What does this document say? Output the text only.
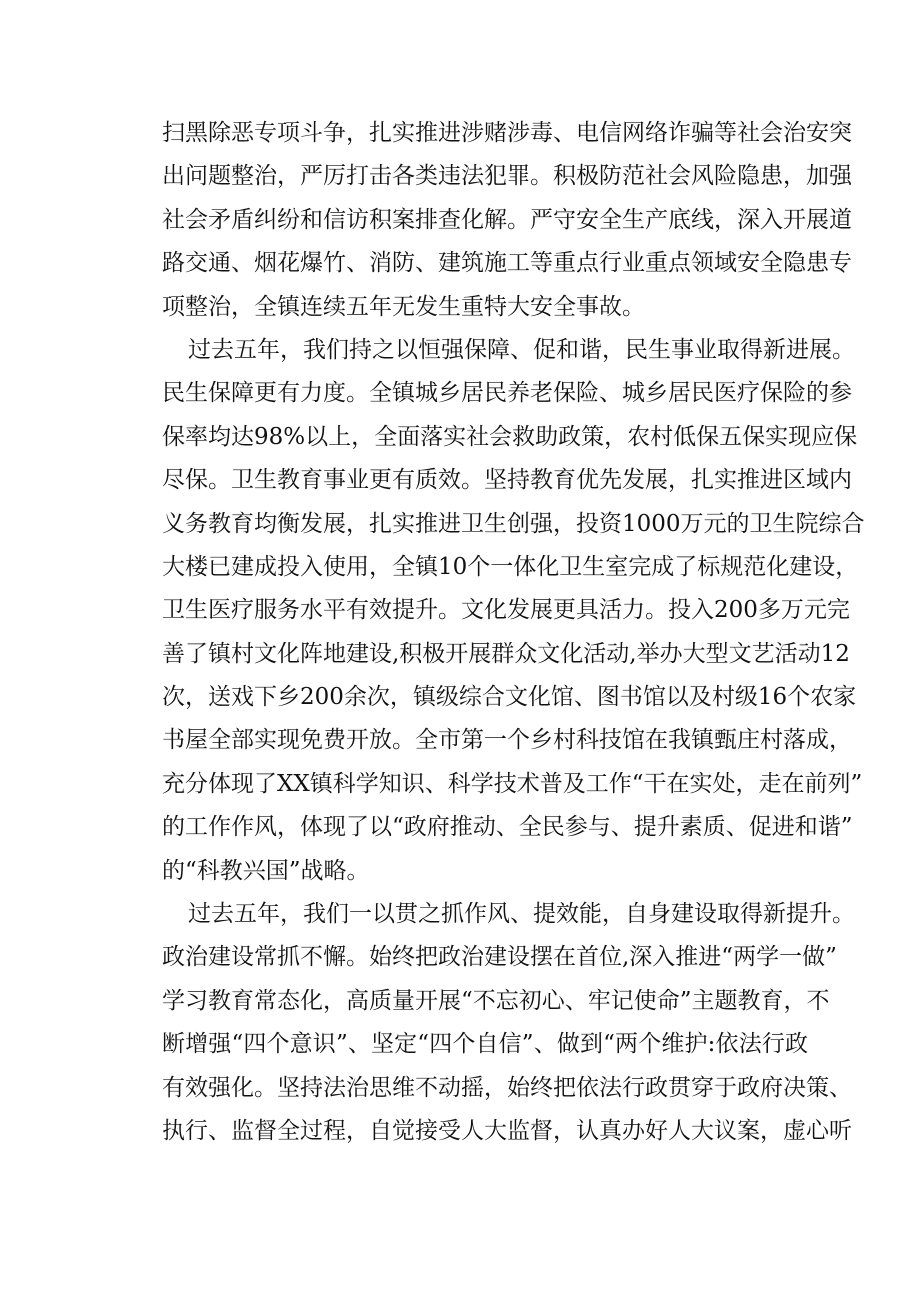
扫黑除恶专项斗争，扎实推进涉赌涉毒、电信网络诈骗等社会治安突
出问题整治，严厉打击各类违法犯罪。积极防范社会风险隐患，加强
社会矛盾纠纷和信访积案排查化解。严守安全生产底线，深入开展道
路交通、烟花爆竹、消防、建筑施工等重点行业重点领域安全隐患专
项整治，全镇连续五年无发生重特大安全事故。
过去五年，我们持之以恒强保障、促和谐，民生事业取得新进展。
民生保障更有力度。全镇城乡居民养老保险、城乡居民医疗保险的参
保率均达98%以上，全面落实社会救助政策，农村低保五保实现应保
尽保。卫生教育事业更有质效。坚持教育优先发展，扎实推进区域内
义务教育均衡发展，扎实推进卫生创强，投资1000万元的卫生院综合
大楼已建成投入使用，全镇10个一体化卫生室完成了标规范化建设，
卫生医疗服务水平有效提升。文化发展更具活力。投入200多万元完
善了镇村文化阵地建设,积极开展群众文化活动,举办大型文艺活动12
次，送戏下乡200余次，镇级综合文化馆、图书馆以及村级16个农家
书屋全部实现免费开放。全市第一个乡村科技馆在我镇甄庄村落成，
充分体现了XX镇科学知识、科学技术普及工作“干在实处，走在前列”
的工作作风，体现了以“政府推动、全民参与、提升素质、促进和谐”
的“科教兴国”战略。
过去五年，我们一以贯之抓作风、提效能，自身建设取得新提升。
政治建设常抓不懈。始终把政治建设摆在首位,深入推进“两学一做”
学习教育常态化，高质量开展“不忘初心、牢记使命”主题教育，不
断增强“四个意识”、坚定“四个自信”、做到“两个维护:依法行政
有效强化。坚持法治思维不动摇，始终把依法行政贯穿于政府决策、
执行、监督全过程，自觉接受人大监督，认真办好人大议案，虚心听
